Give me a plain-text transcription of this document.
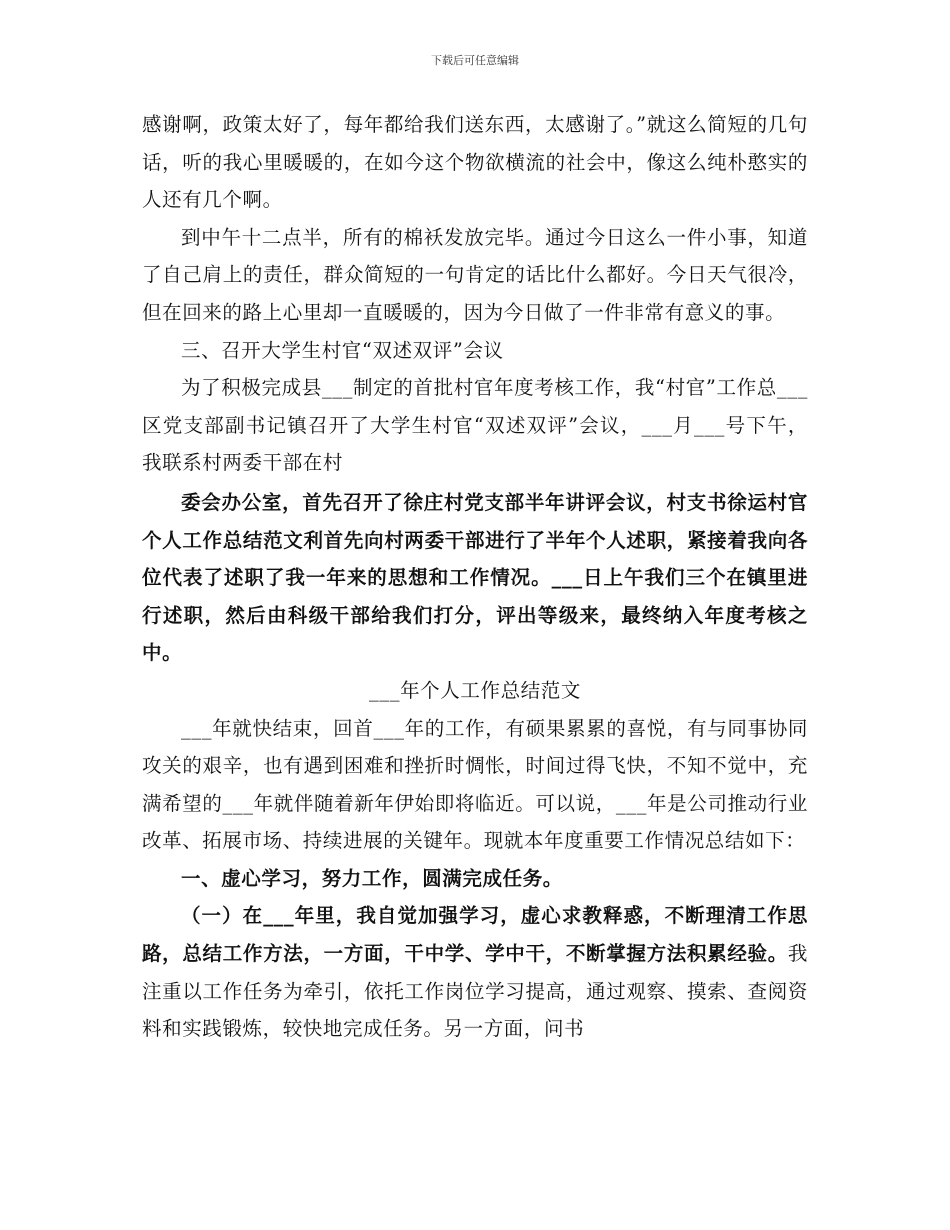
下载后可任意编辑

感谢啊，政策太好了，每年都给我们送东西，太感谢了。”就这么简短的几句话，听的我心里暖暖的，在如今这个物欲横流的社会中，像这么纯朴憨实的人还有几个啊。

到中午十二点半，所有的棉袄发放完毕。通过今日这么一件小事，知道了自己肩上的责任，群众简短的一句肯定的话比什么都好。今日天气很冷，但在回来的路上心里却一直暖暖的，因为今日做了一件非常有意义的事。

三、召开大学生村官“双述双评”会议

为了积极完成县___制定的首批村官年度考核工作，我“村官”工作总___区党支部副书记镇召开了大学生村官“双述双评”会议，___月___号下午，我联系村两委干部在村

委会办公室，首先召开了徐庄村党支部半年讲评会议，村支书徐运村官个人工作总结范文利首先向村两委干部进行了半年个人述职，紧接着我向各位代表了述职了我一年来的思想和工作情况。___日上午我们三个在镇里进行述职，然后由科级干部给我们打分，评出等级来，最终纳入年度考核之中。

___年个人工作总结范文

___年就快结束，回首___年的工作，有硕果累累的喜悦，有与同事协同攻关的艰辛，也有遇到困难和挫折时惆怅，时间过得飞快，不知不觉中，充满希望的___年就伴随着新年伊始即将临近。可以说，___年是公司推动行业改革、拓展市场、持续进展的关键年。现就本年度重要工作情况总结如下：

一、虚心学习，努力工作，圆满完成任务。

（一）在___年里，我自觉加强学习，虚心求教释惑，不断理清工作思路，总结工作方法，一方面，干中学、学中干，不断掌握方法积累经验。我注重以工作任务为牵引，依托工作岗位学习提高，通过观察、摸索、查阅资料和实践锻炼，较快地完成任务。另一方面，问书
